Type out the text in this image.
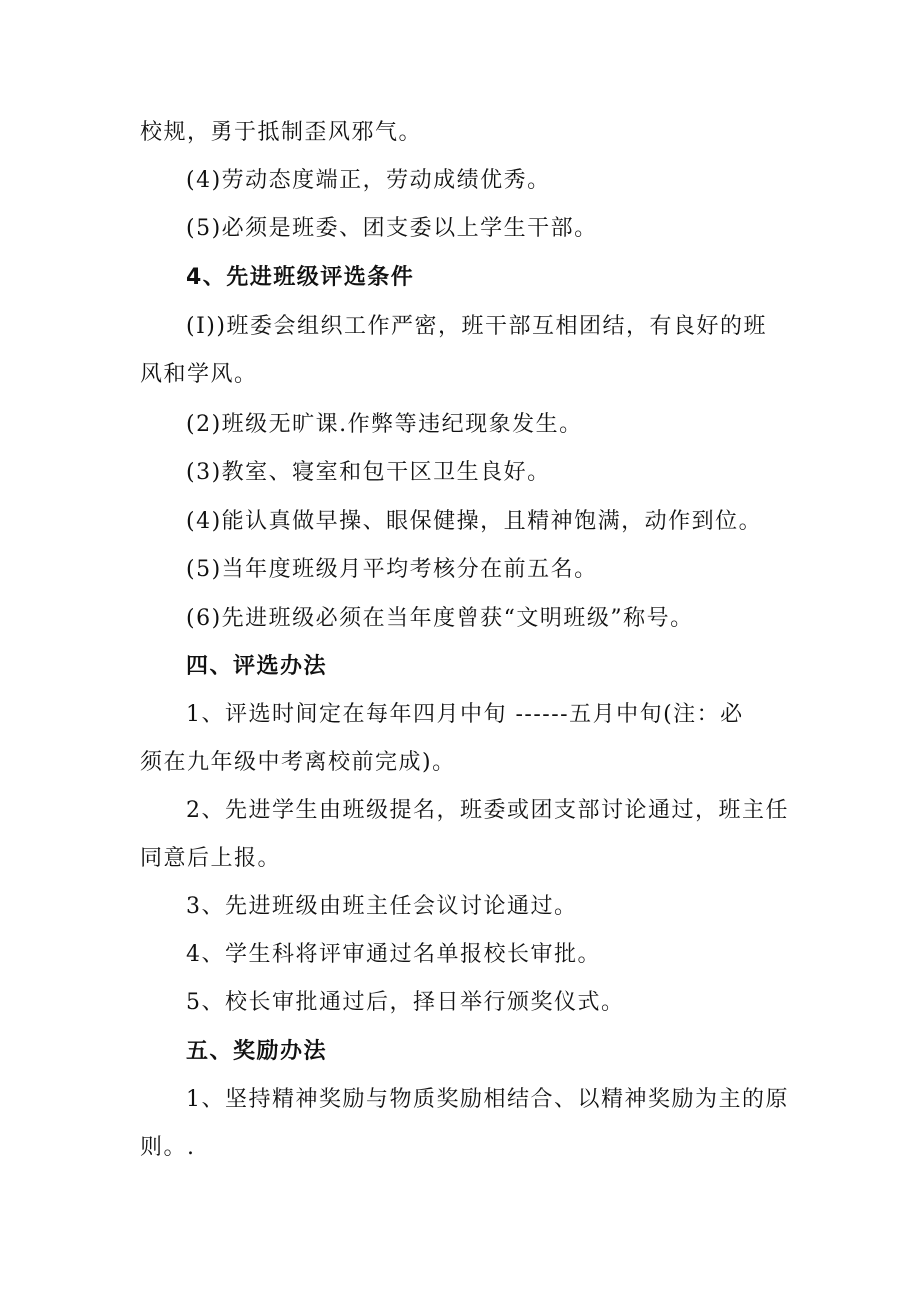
校规，勇于抵制歪风邪气。
(4)劳动态度端正，劳动成绩优秀。
(5)必须是班委、团支委以上学生干部。
4、先进班级评选条件
(I))班委会组织工作严密，班干部互相团结，有良好的班
风和学风。
(2)班级无旷课.作弊等违纪现象发生。
(3)教室、寝室和包干区卫生良好。
(4)能认真做早操、眼保健操，且精神饱满，动作到位。
(5)当年度班级月平均考核分在前五名。
(6)先进班级必须在当年度曾获“文明班级”称号。
四、评选办法
1、评选时间定在每年四月中旬 ------五月中旬(注：必
须在九年级中考离校前完成)。
2、先进学生由班级提名，班委或团支部讨论通过，班主任
同意后上报。
3、先进班级由班主任会议讨论通过。
4、学生科将评审通过名单报校长审批。
5、校长审批通过后，择日举行颁奖仪式。
五、奖励办法
1、坚持精神奖励与物质奖励相结合、以精神奖励为主的原
则。.
